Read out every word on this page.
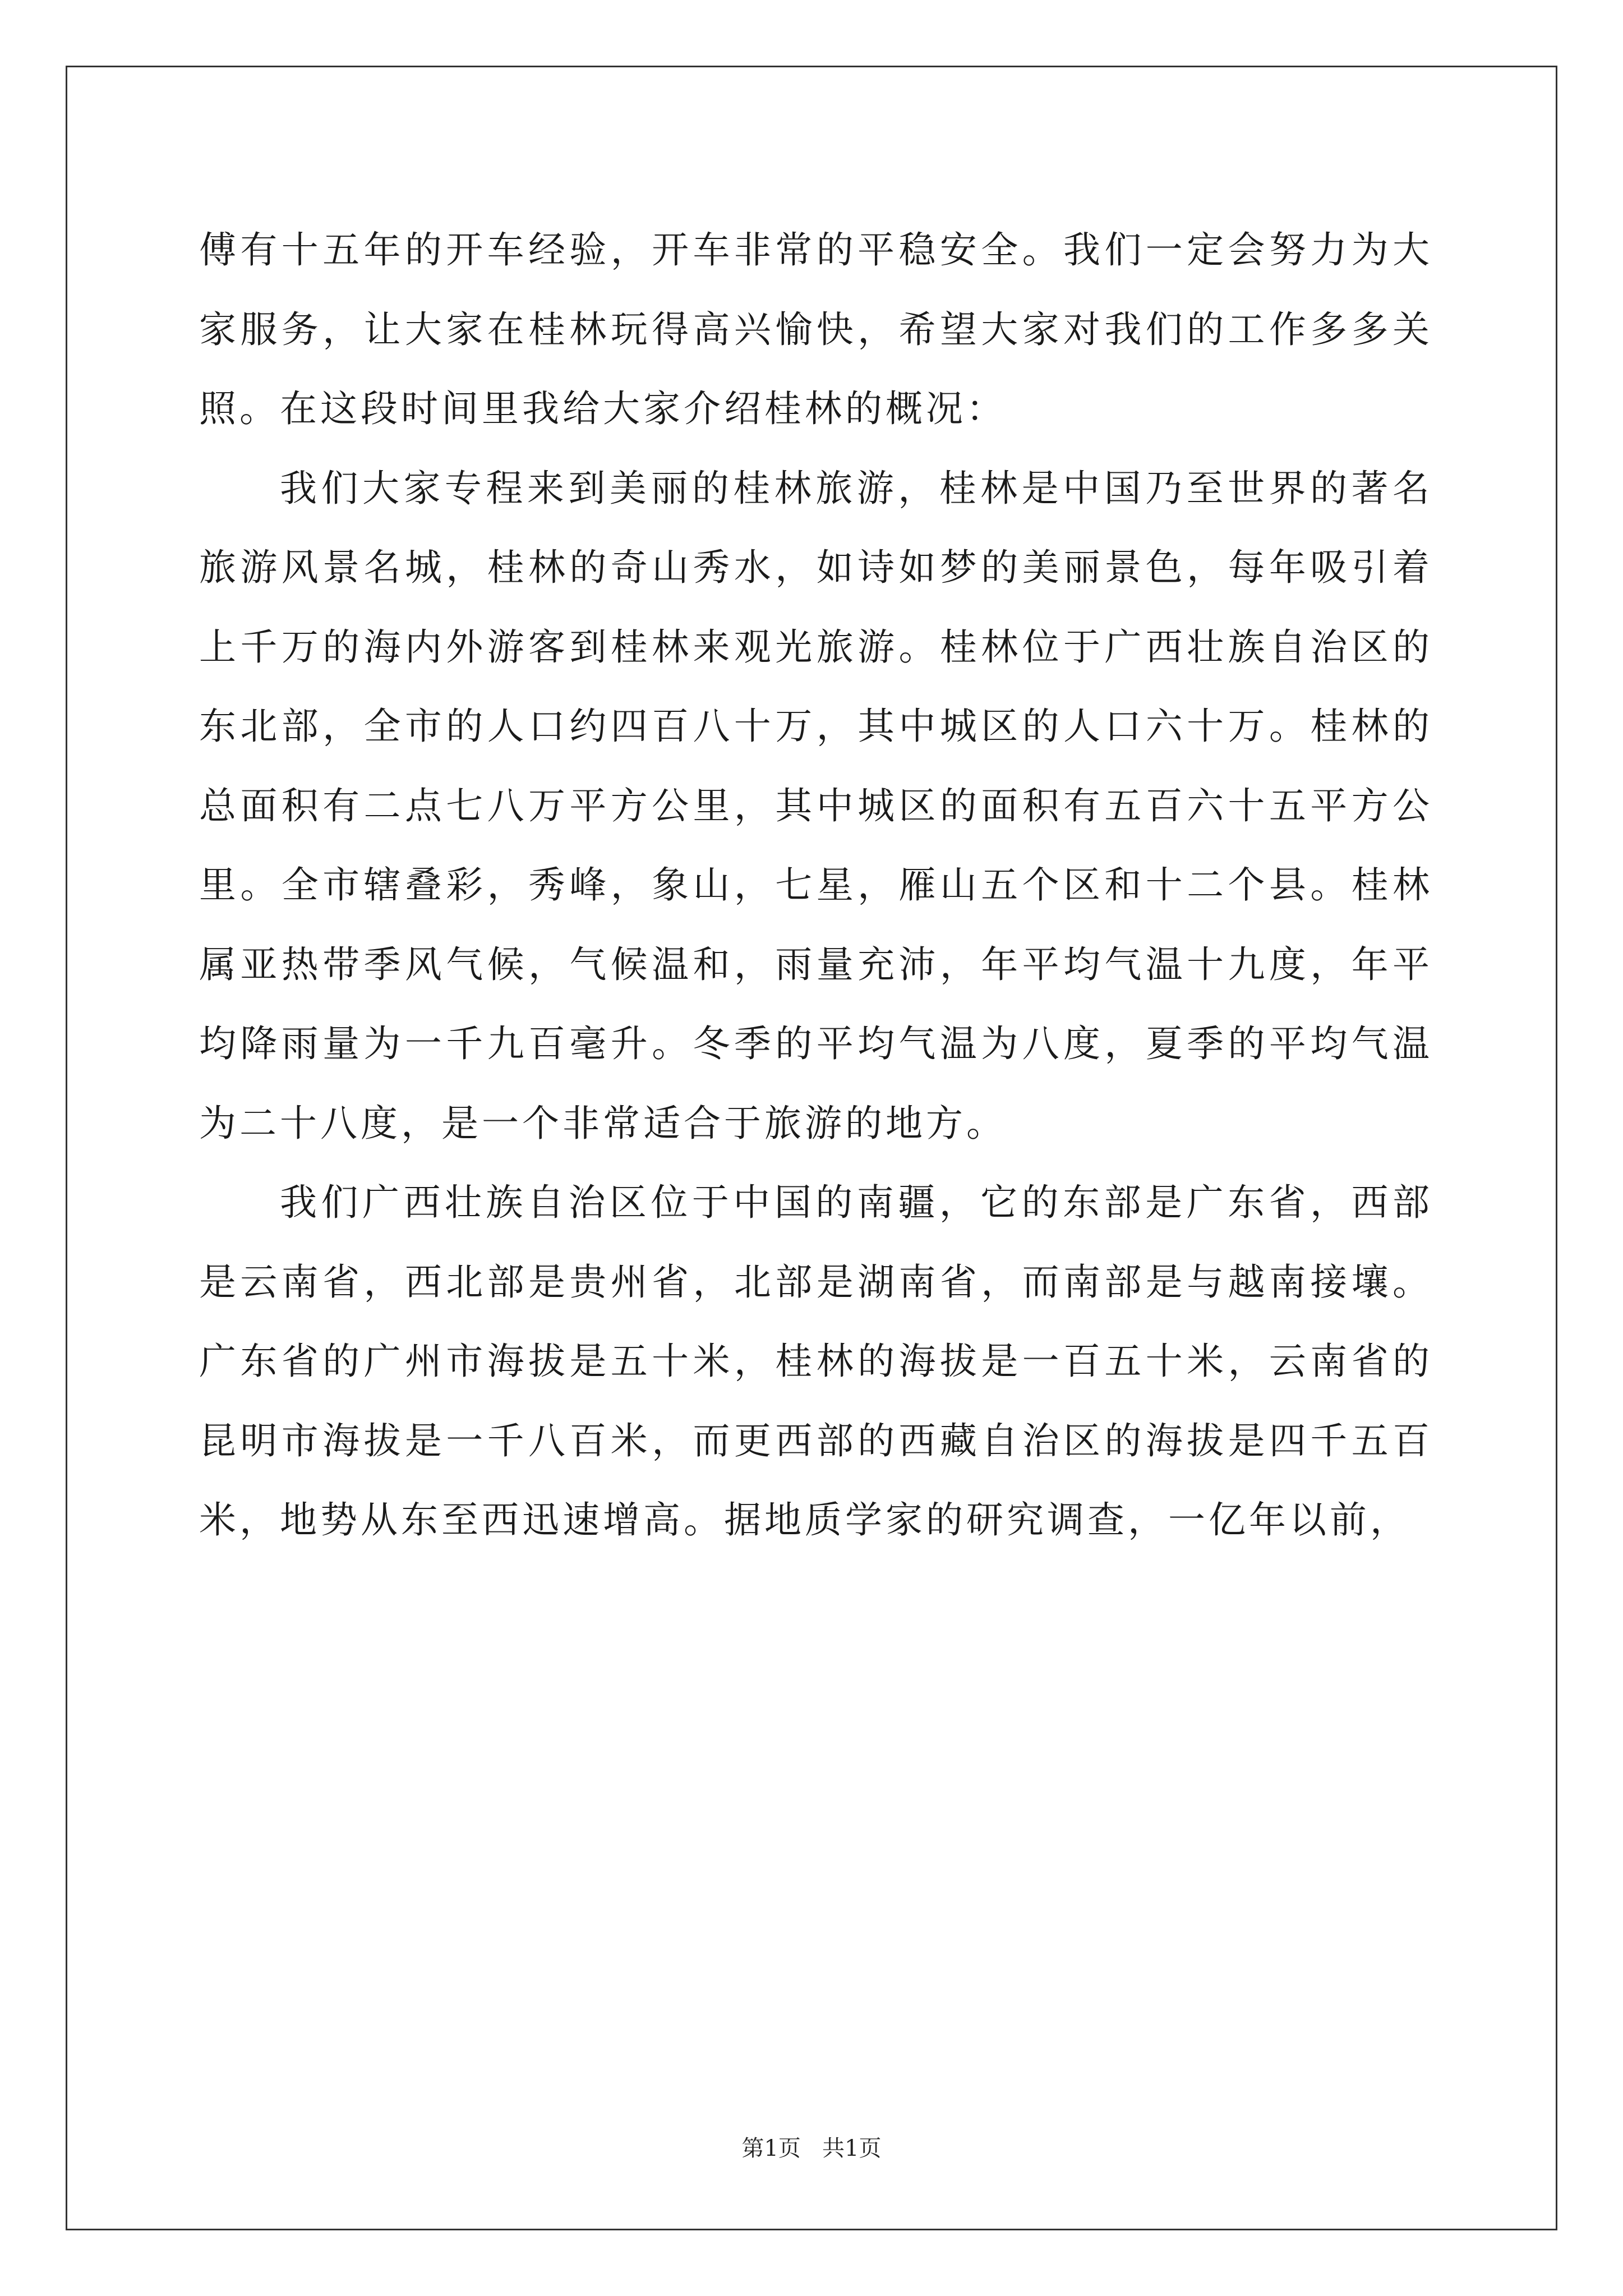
傅有十五年的开车经验，开车非常的平稳安全。我们一定会努力为大家服务，让大家在桂林玩得高兴愉快，希望大家对我们的工作多多关照。在这段时间里我给大家介绍桂林的概况：

我们大家专程来到美丽的桂林旅游，桂林是中国乃至世界的著名旅游风景名城，桂林的奇山秀水，如诗如梦的美丽景色，每年吸引着上千万的海内外游客到桂林来观光旅游。桂林位于广西壮族自治区的东北部，全市的人口约四百八十万，其中城区的人口六十万。桂林的总面积有二点七八万平方公里，其中城区的面积有五百六十五平方公里。全市辖叠彩，秀峰，象山，七星，雁山五个区和十二个县。桂林属亚热带季风气候，气候温和，雨量充沛，年平均气温十九度，年平均降雨量为一千九百毫升。冬季的平均气温为八度，夏季的平均气温为二十八度，是一个非常适合于旅游的地方。

我们广西壮族自治区位于中国的南疆，它的东部是广东省，西部是云南省，西北部是贵州省，北部是湖南省，而南部是与越南接壤。广东省的广州市海拔是五十米，桂林的海拔是一百五十米，云南省的昆明市海拔是一千八百米，而更西部的西藏自治区的海拔是四千五百米，地势从东至西迅速增高。据地质学家的研究调查，一亿年以前，

第1页   共1页
